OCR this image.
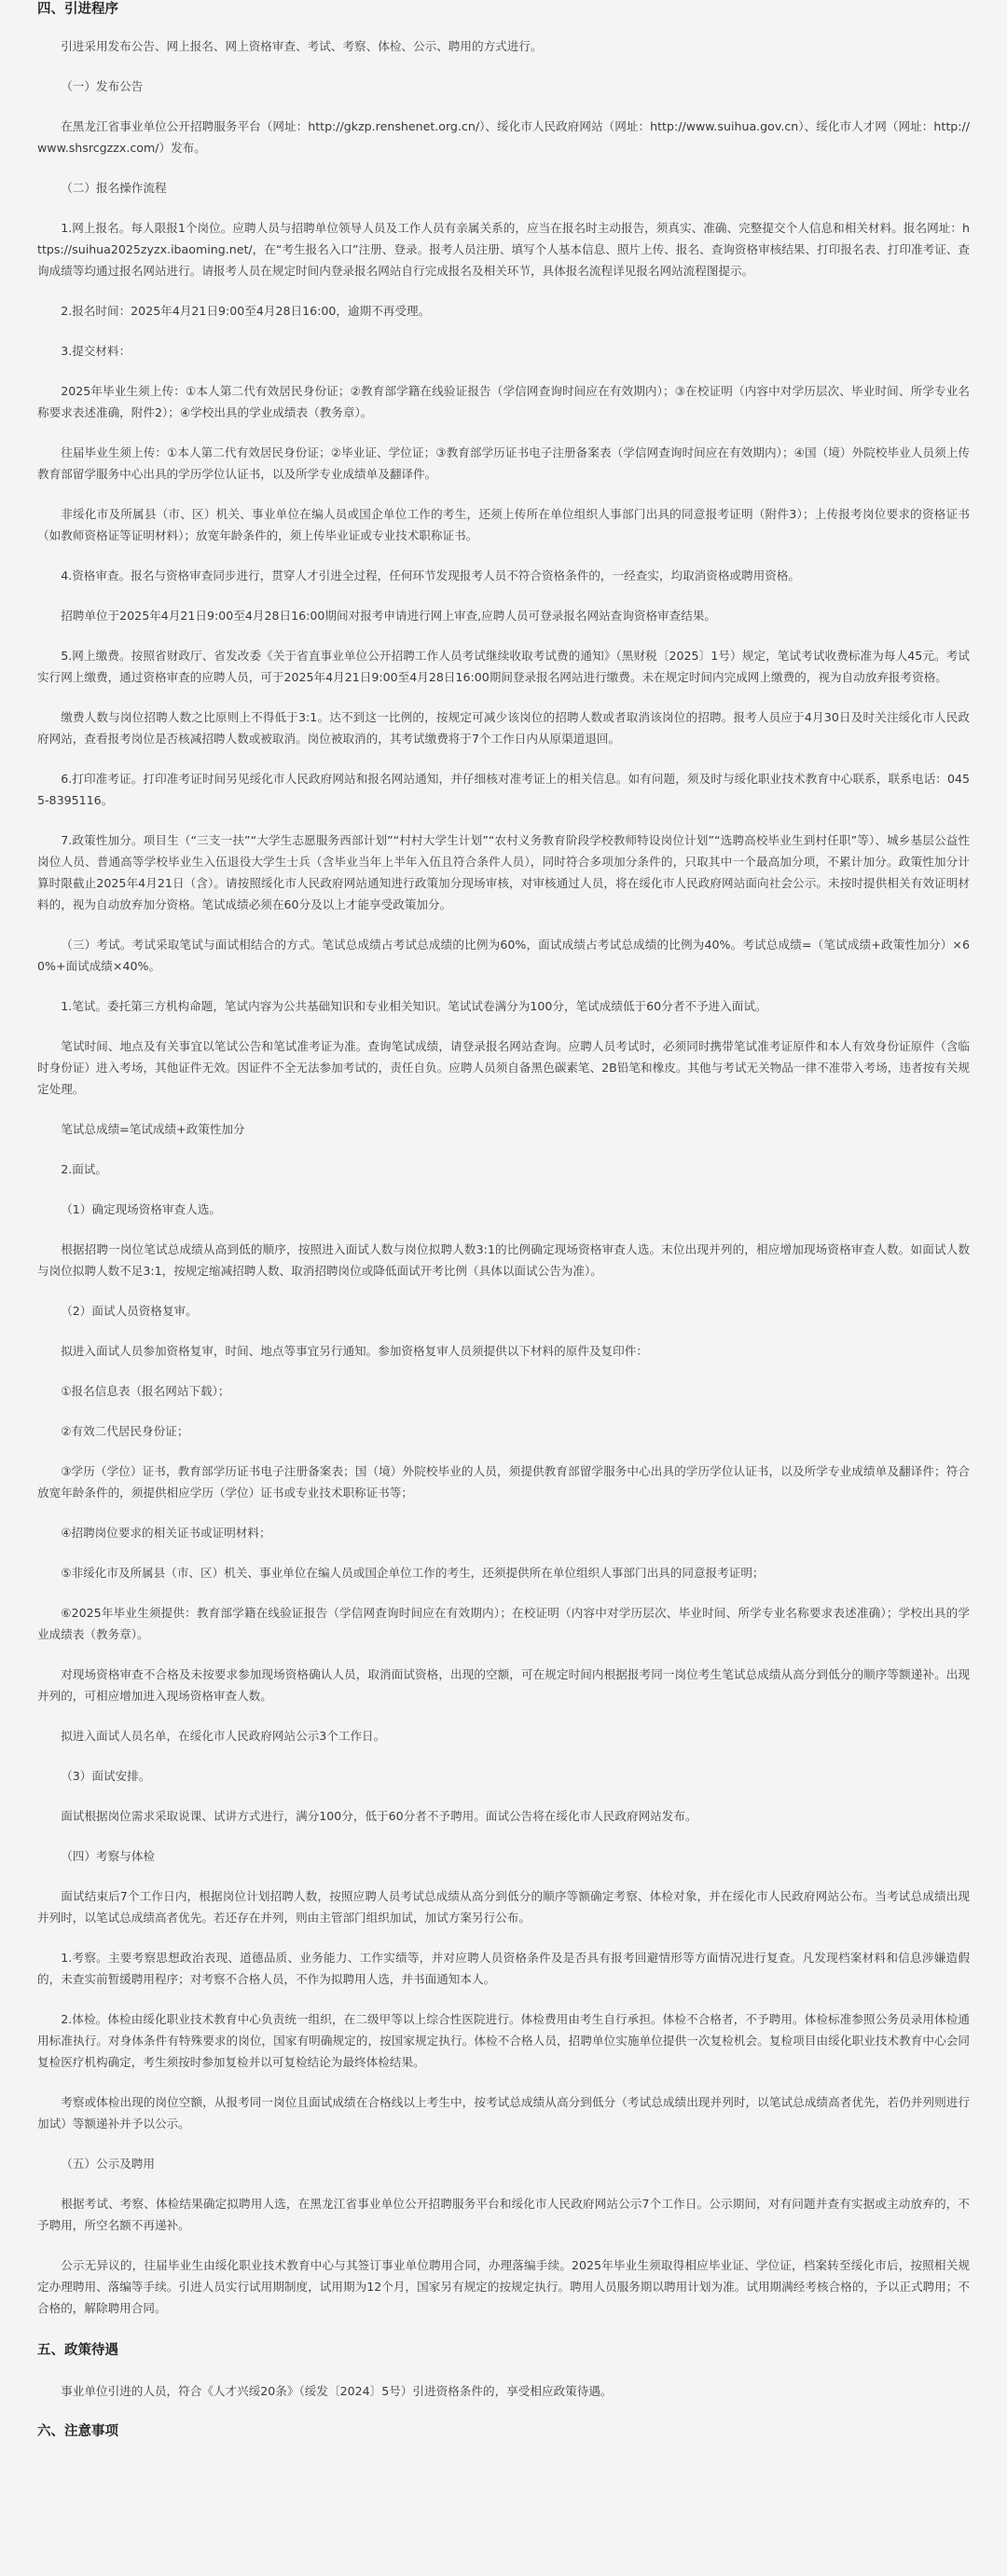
四、引进程序

引进采用发布公告、网上报名、网上资格审查、考试、考察、体检、公示、聘用的方式进行。

（一）发布公告

在黑龙江省事业单位公开招聘服务平台（网址：http://gkzp.renshenet.org.cn/）、绥化市人民政府网站（网址：http://www.suihua.gov.cn）、绥化市人才网（网址：http://www.shsrcgzzx.com/）发布。

（二）报名操作流程

1.网上报名。每人限报1个岗位。应聘人员与招聘单位领导人员及工作人员有亲属关系的，应当在报名时主动报告，须真实、准确、完整提交个人信息和相关材料。报名网址：https://suihua2025zyzx.ibaoming.net/，在“考生报名入口”注册、登录。报考人员注册、填写个人基本信息、照片上传、报名、查询资格审核结果、打印报名表、打印准考证、查询成绩等均通过报名网站进行。请报考人员在规定时间内登录报名网站自行完成报名及相关环节，具体报名流程详见报名网站流程图提示。

2.报名时间：2025年4月21日9:00至4月28日16:00，逾期不再受理。

3.提交材料：

2025年毕业生须上传：①本人第二代有效居民身份证；②教育部学籍在线验证报告（学信网查询时间应在有效期内）；③在校证明（内容中对学历层次、毕业时间、所学专业名称要求表述准确，附件2）；④学校出具的学业成绩表（教务章）。

往届毕业生须上传：①本人第二代有效居民身份证；②毕业证、学位证；③教育部学历证书电子注册备案表（学信网查询时间应在有效期内）；④国（境）外院校毕业人员须上传教育部留学服务中心出具的学历学位认证书，以及所学专业成绩单及翻译件。

非绥化市及所属县（市、区）机关、事业单位在编人员或国企单位工作的考生，还须上传所在单位组织人事部门出具的同意报考证明（附件3）；上传报考岗位要求的资格证书（如教师资格证等证明材料）；放宽年龄条件的，须上传毕业证或专业技术职称证书。

4.资格审查。报名与资格审查同步进行，贯穿人才引进全过程，任何环节发现报考人员不符合资格条件的，一经查实，均取消资格或聘用资格。

招聘单位于2025年4月21日9:00至4月28日16:00期间对报考申请进行网上审查,应聘人员可登录报名网站查询资格审查结果。

5.网上缴费。按照省财政厅、省发改委《关于省直事业单位公开招聘工作人员考试继续收取考试费的通知》（黑财税〔2025〕1号）规定，笔试考试收费标准为每人45元。考试实行网上缴费，通过资格审查的应聘人员，可于2025年4月21日9:00至4月28日16:00期间登录报名网站进行缴费。未在规定时间内完成网上缴费的，视为自动放弃报考资格。

缴费人数与岗位招聘人数之比原则上不得低于3:1。达不到这一比例的，按规定可减少该岗位的招聘人数或者取消该岗位的招聘。报考人员应于4月30日及时关注绥化市人民政府网站，查看报考岗位是否核减招聘人数或被取消。岗位被取消的，其考试缴费将于7个工作日内从原渠道退回。

6.打印准考证。打印准考证时间另见绥化市人民政府网站和报名网站通知，并仔细核对准考证上的相关信息。如有问题，须及时与绥化职业技术教育中心联系，联系电话：0455-8395116。

7.政策性加分。项目生（“三支一扶”“大学生志愿服务西部计划”“村村大学生计划”“农村义务教育阶段学校教师特设岗位计划”“选聘高校毕业生到村任职”等）、城乡基层公益性岗位人员、普通高等学校毕业生入伍退役大学生士兵（含毕业当年上半年入伍且符合条件人员），同时符合多项加分条件的，只取其中一个最高加分项，不累计加分。政策性加分计算时限截止2025年4月21日（含）。请按照绥化市人民政府网站通知进行政策加分现场审核，对审核通过人员，将在绥化市人民政府网站面向社会公示。未按时提供相关有效证明材料的，视为自动放弃加分资格。笔试成绩必须在60分及以上才能享受政策加分。

（三）考试。考试采取笔试与面试相结合的方式。笔试总成绩占考试总成绩的比例为60%，面试成绩占考试总成绩的比例为40%。考试总成绩=（笔试成绩+政策性加分）×60%+面试成绩×40%。

1.笔试。委托第三方机构命题，笔试内容为公共基础知识和专业相关知识。笔试试卷满分为100分，笔试成绩低于60分者不予进入面试。

笔试时间、地点及有关事宜以笔试公告和笔试准考证为准。查询笔试成绩，请登录报名网站查询。应聘人员考试时，必须同时携带笔试准考证原件和本人有效身份证原件（含临时身份证）进入考场，其他证件无效。因证件不全无法参加考试的，责任自负。应聘人员须自备黑色碳素笔、2B铅笔和橡皮。其他与考试无关物品一律不准带入考场，违者按有关规定处理。

笔试总成绩=笔试成绩+政策性加分

2.面试。

（1）确定现场资格审查人选。

根据招聘一岗位笔试总成绩从高到低的顺序，按照进入面试人数与岗位拟聘人数3:1的比例确定现场资格审查人选。末位出现并列的，相应增加现场资格审查人数。如面试人数与岗位拟聘人数不足3:1，按规定缩减招聘人数、取消招聘岗位或降低面试开考比例（具体以面试公告为准）。

（2）面试人员资格复审。

拟进入面试人员参加资格复审，时间、地点等事宜另行通知。参加资格复审人员须提供以下材料的原件及复印件：

①报名信息表（报名网站下载）；

②有效二代居民身份证；

③学历（学位）证书，教育部学历证书电子注册备案表；国（境）外院校毕业的人员，须提供教育部留学服务中心出具的学历学位认证书，以及所学专业成绩单及翻译件；符合放宽年龄条件的，须提供相应学历（学位）证书或专业技术职称证书等；

④招聘岗位要求的相关证书或证明材料；

⑤非绥化市及所属县（市、区）机关、事业单位在编人员或国企单位工作的考生，还须提供所在单位组织人事部门出具的同意报考证明；

⑥2025年毕业生须提供：教育部学籍在线验证报告（学信网查询时间应在有效期内）；在校证明（内容中对学历层次、毕业时间、所学专业名称要求表述准确）；学校出具的学业成绩表（教务章）。

对现场资格审查不合格及未按要求参加现场资格确认人员，取消面试资格，出现的空额，可在规定时间内根据报考同一岗位考生笔试总成绩从高分到低分的顺序等额递补。出现并列的，可相应增加进入现场资格审查人数。

拟进入面试人员名单，在绥化市人民政府网站公示3个工作日。

（3）面试安排。

面试根据岗位需求采取说课、试讲方式进行，满分100分，低于60分者不予聘用。面试公告将在绥化市人民政府网站发布。

（四）考察与体检

面试结束后7个工作日内，根据岗位计划招聘人数，按照应聘人员考试总成绩从高分到低分的顺序等额确定考察、体检对象，并在绥化市人民政府网站公布。当考试总成绩出现并列时，以笔试总成绩高者优先。若还存在并列，则由主管部门组织加试，加试方案另行公布。

1.考察。主要考察思想政治表现、道德品质、业务能力、工作实绩等，并对应聘人员资格条件及是否具有报考回避情形等方面情况进行复查。凡发现档案材料和信息涉嫌造假的，未查实前暂缓聘用程序；对考察不合格人员，不作为拟聘用人选，并书面通知本人。

2.体检。体检由绥化职业技术教育中心负责统一组织，在二级甲等以上综合性医院进行。体检费用由考生自行承担。体检不合格者，不予聘用。体检标准参照公务员录用体检通用标准执行。对身体条件有特殊要求的岗位，国家有明确规定的，按国家规定执行。体检不合格人员，招聘单位实施单位提供一次复检机会。复检项目由绥化职业技术教育中心会同复检医疗机构确定，考生须按时参加复检并以可复检结论为最终体检结果。

考察或体检出现的岗位空额，从报考同一岗位且面试成绩在合格线以上考生中，按考试总成绩从高分到低分（考试总成绩出现并列时，以笔试总成绩高者优先，若仍并列则进行加试）等额递补并予以公示。

（五）公示及聘用

根据考试、考察、体检结果确定拟聘用人选，在黑龙江省事业单位公开招聘服务平台和绥化市人民政府网站公示7个工作日。公示期间，对有问题并查有实据或主动放弃的，不予聘用，所空名额不再递补。

公示无异议的，往届毕业生由绥化职业技术教育中心与其签订事业单位聘用合同，办理落编手续。2025年毕业生须取得相应毕业证、学位证，档案转至绥化市后，按照相关规定办理聘用、落编等手续。引进人员实行试用期制度，试用期为12个月，国家另有规定的按规定执行。聘用人员服务期以聘用计划为准。试用期满经考核合格的，予以正式聘用；不合格的，解除聘用合同。

五、政策待遇

事业单位引进的人员，符合《人才兴绥20条》（绥发〔2024〕5号）引进资格条件的，享受相应政策待遇。

六、注意事项
